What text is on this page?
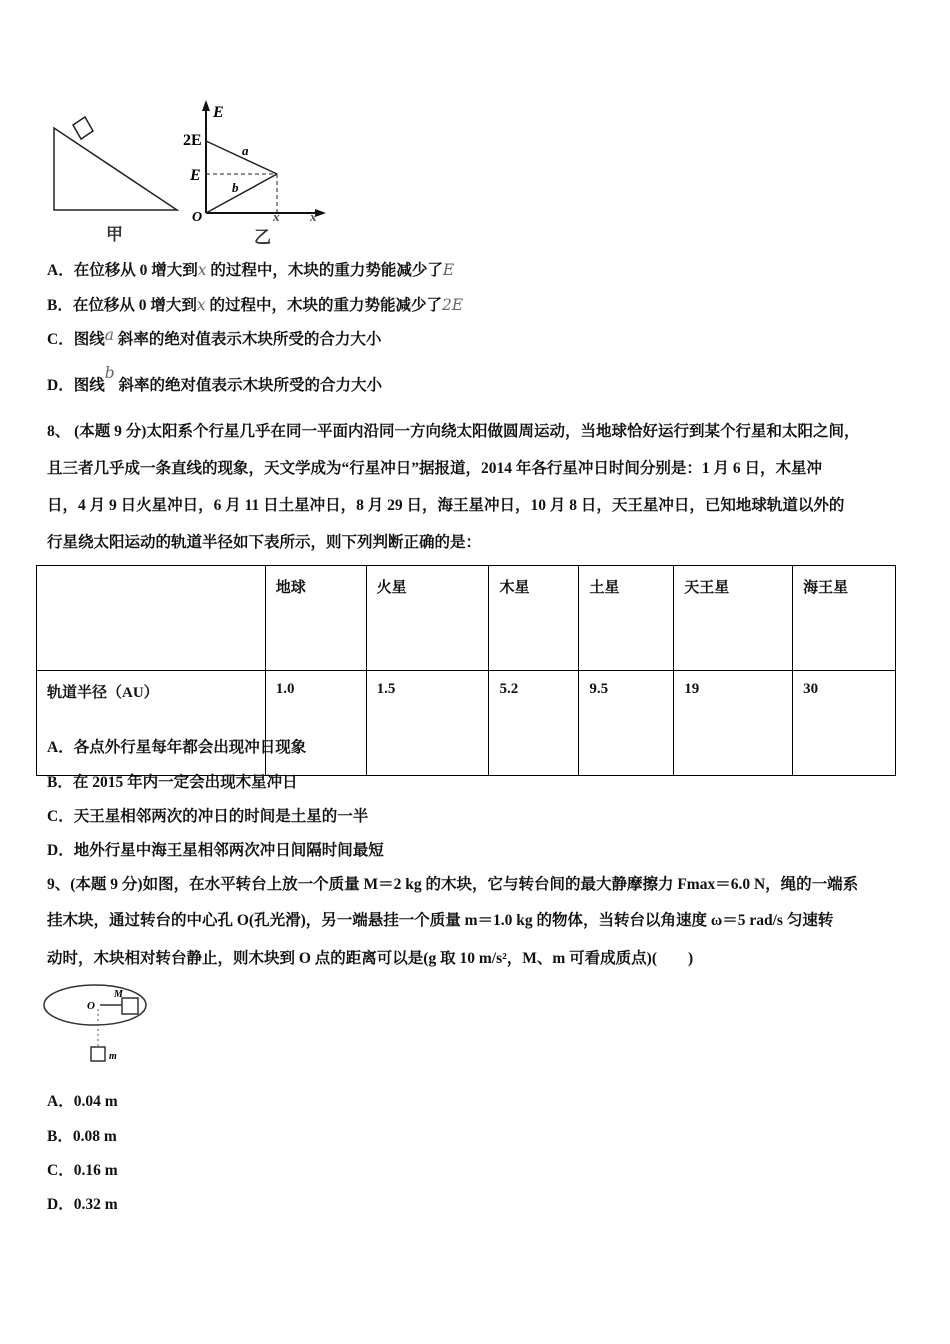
甲
E
2E
E
O	x x
a
b
乙
A．在位移从 0 增大到x 的过程中，木块的重力势能减少了E
B．在位移从 0 增大到x 的过程中，木块的重力势能减少了2E
C．图线a 斜率的绝对值表示木块所受的合力大小
D．图线b 斜率的绝对值表示木块所受的合力大小
8、 (本题 9 分)太阳系个行星几乎在同一平面内沿同一方向绕太阳做圆周运动，当地球恰好运行到某个行星和太阳之间，
且三者几乎成一条直线的现象，天文学成为“行星冲日”据报道，2014 年各行星冲日时间分别是：1 月 6 日，木星冲
日，4 月 9 日火星冲日，6 月 11 日土星冲日，8 月 29 日，海王星冲日，10 月 8 日，天王星冲日，已知地球轨道以外的
行星绕太阳运动的轨道半径如下表所示，则下列判断正确的是：
	地球	火星	木星	土星	天王星	海王星
轨道半径（AU）	1.0	1.5	5.2	9.5	19	30
A．各点外行星每年都会出现冲日现象
B．在 2015 年内一定会出现木星冲日
C．天王星相邻两次的冲日的时间是土星的一半
D．地外行星中海王星相邻两次冲日间隔时间最短
9、(本题 9 分)如图，在水平转台上放一个质量 M＝2 kg 的木块，它与转台间的最大静摩擦力 Fmax＝6.0 N，绳的一端系
挂木块，通过转台的中心孔 O(孔光滑)，另一端悬挂一个质量 m＝1.0 kg 的物体，当转台以角速度 ω＝5 rad/s 匀速转
动时，木块相对转台静止，则木块到 O 点的距离可以是(g 取 10 m/s²，M、m 可看成质点)(　　)
O
M
m
A．0.04 m
B．0.08 m
C．0.16 m
D．0.32 m
